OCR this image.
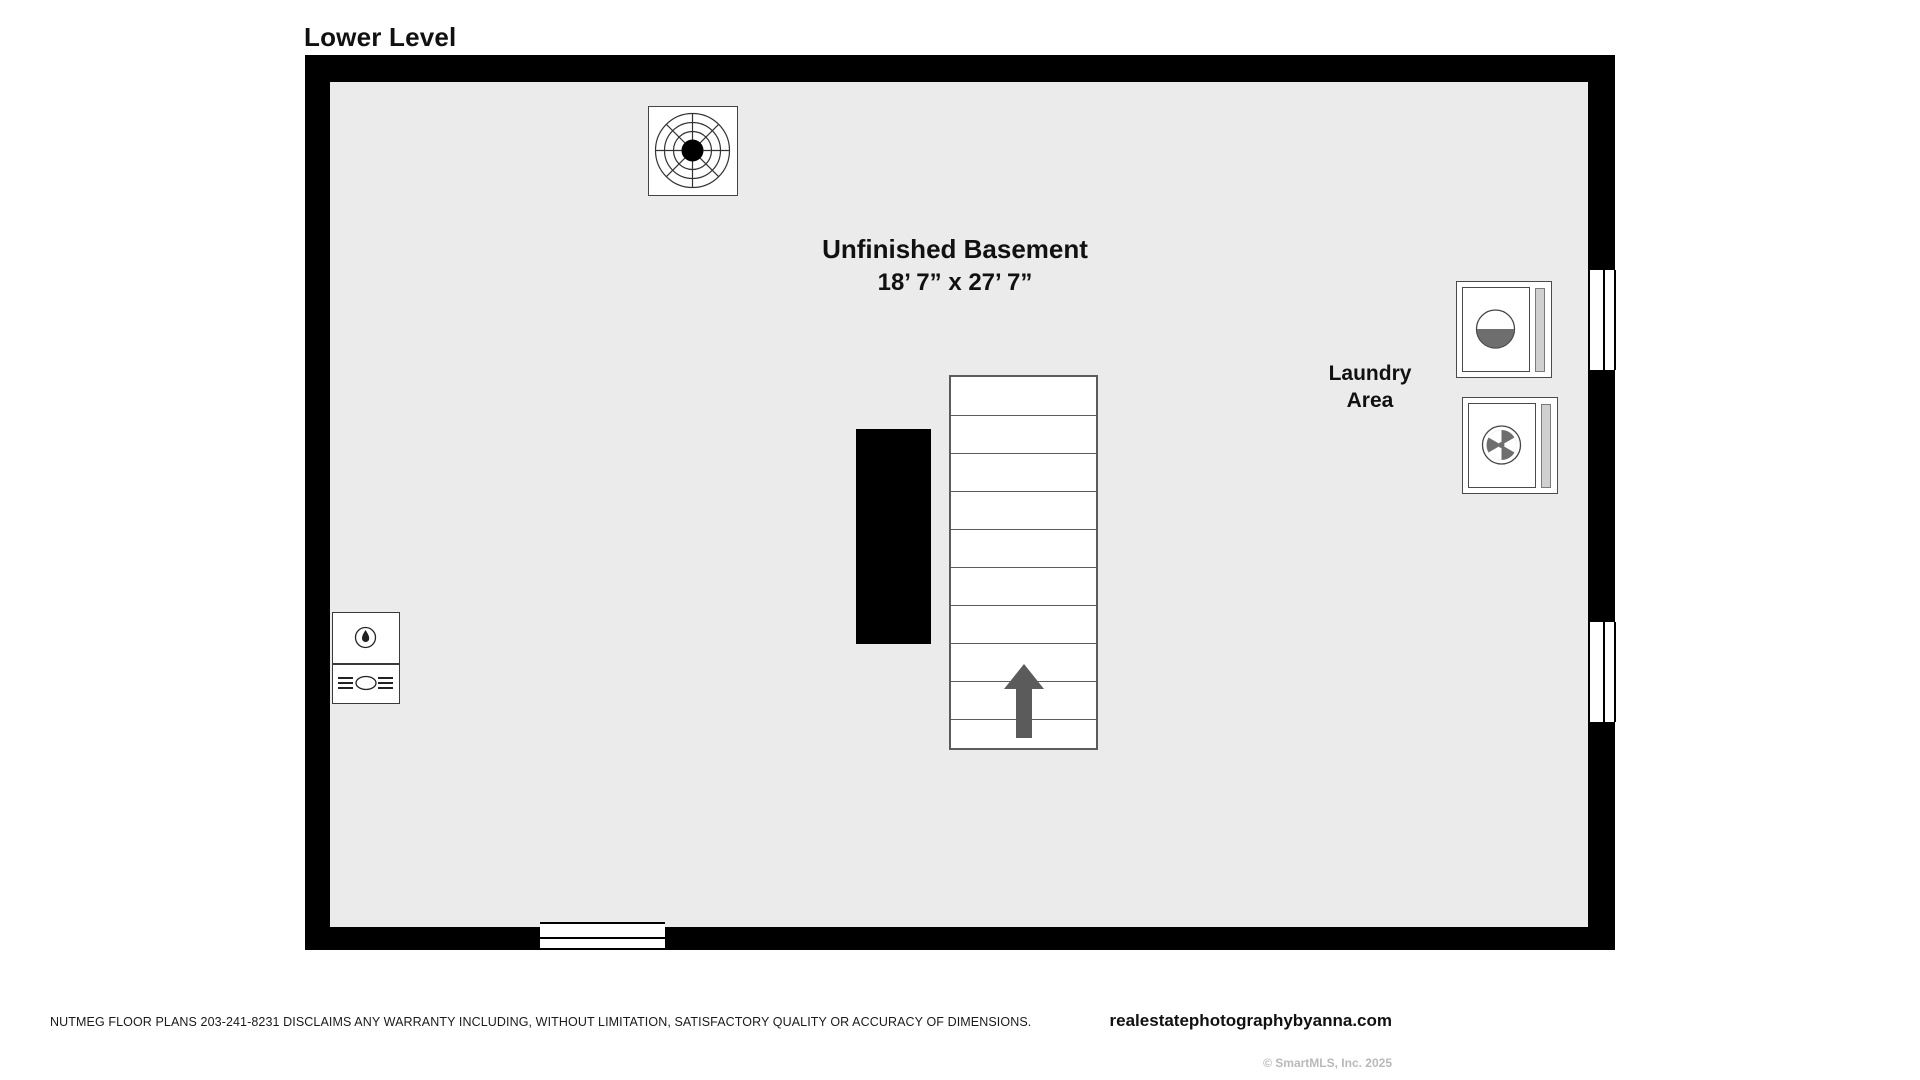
Lower Level
Unfinished Basement
18’ 7” x 27’ 7”
Laundry
Area
NUTMEG FLOOR PLANS 203-241-8231 DISCLAIMS ANY WARRANTY INCLUDING, WITHOUT LIMITATION, SATISFACTORY QUALITY OR ACCURACY OF DIMENSIONS.	realestatephotographybyanna.com
© SmartMLS, Inc. 2025
